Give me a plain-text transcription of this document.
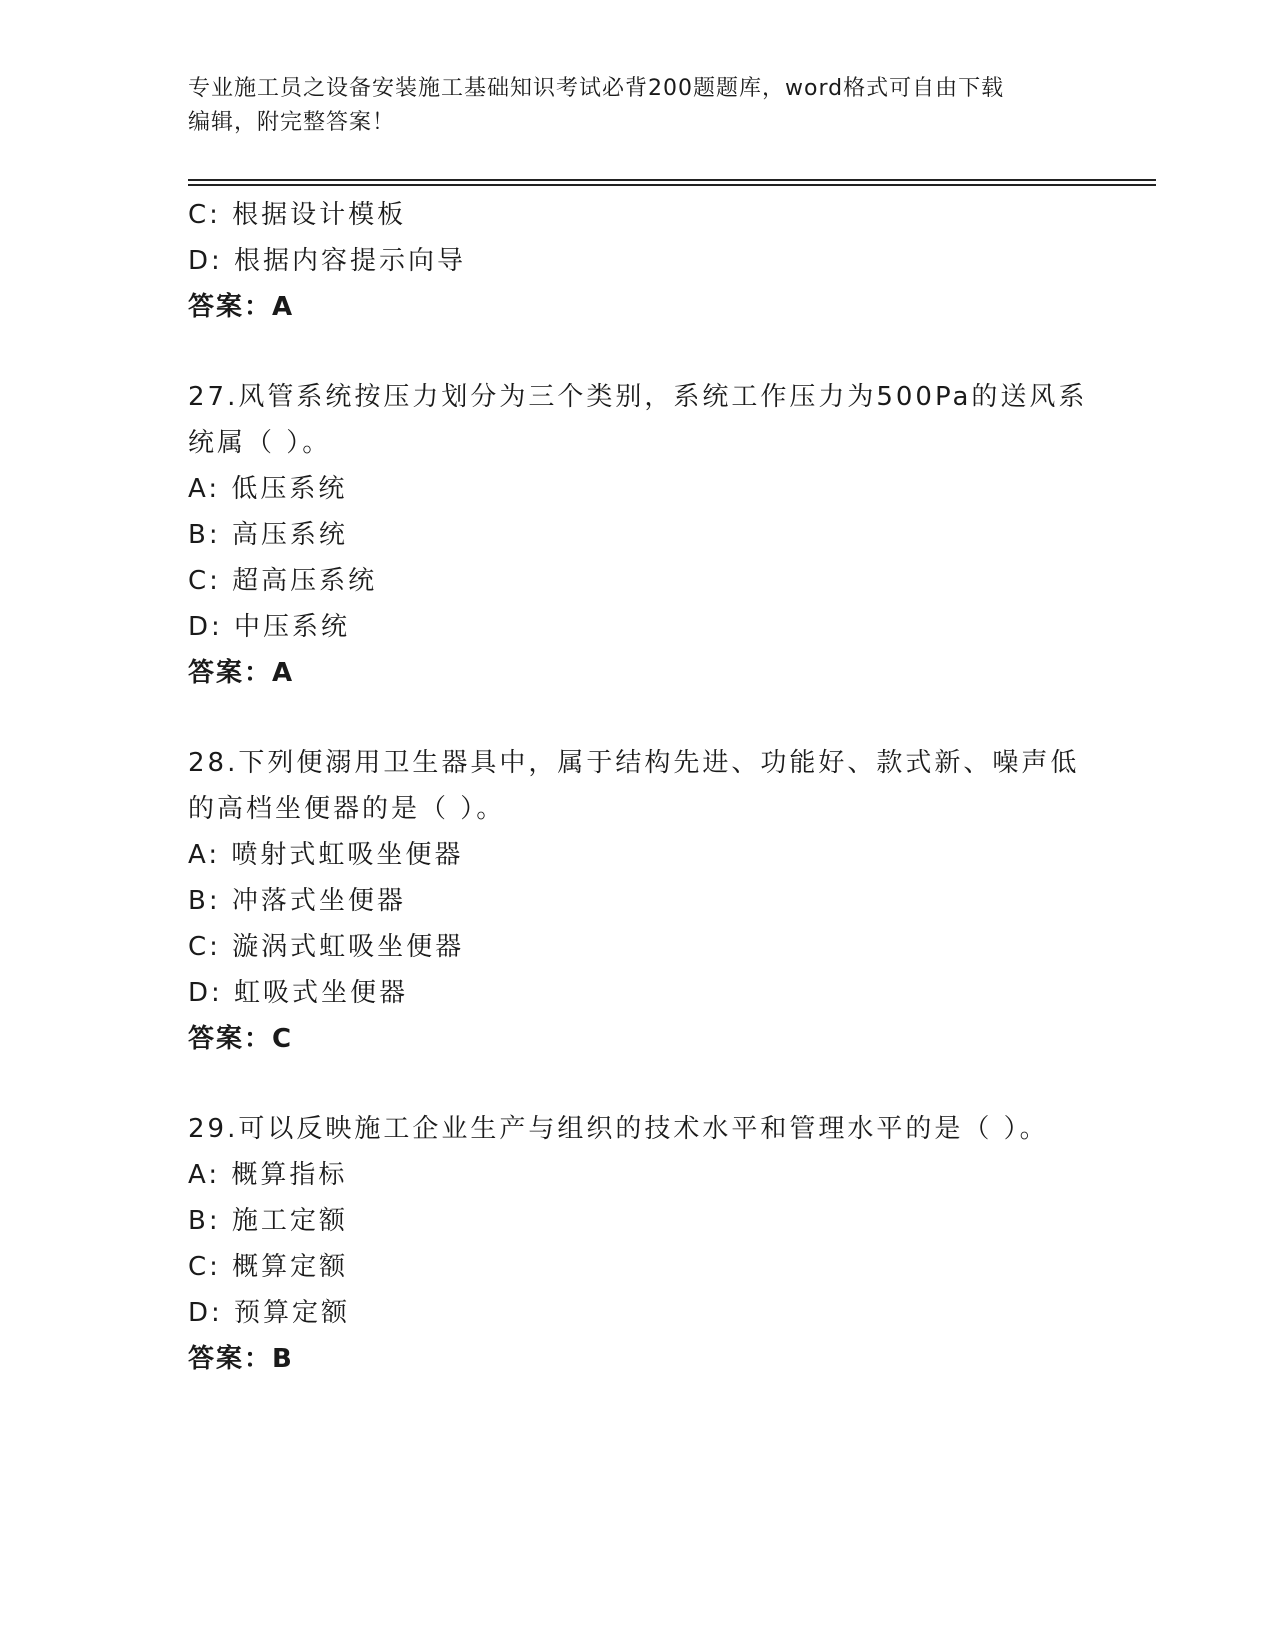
专业施工员之设备安装施工基础知识考试必背200题题库，word格式可自由下载
编辑，附完整答案！
C: 根据设计模板
D: 根据内容提示向导
答案：A
27.风管系统按压力划分为三个类别，系统工作压力为500Pa的送风系
统属（ ）。
A: 低压系统
B: 高压系统
C: 超高压系统
D: 中压系统
答案：A
28.下列便溺用卫生器具中，属于结构先进、功能好、款式新、噪声低
的高档坐便器的是（ ）。
A: 喷射式虹吸坐便器
B: 冲落式坐便器
C: 漩涡式虹吸坐便器
D: 虹吸式坐便器
答案：C
29.可以反映施工企业生产与组织的技术水平和管理水平的是（ ）。
A: 概算指标
B: 施工定额
C: 概算定额
D: 预算定额
答案：B
